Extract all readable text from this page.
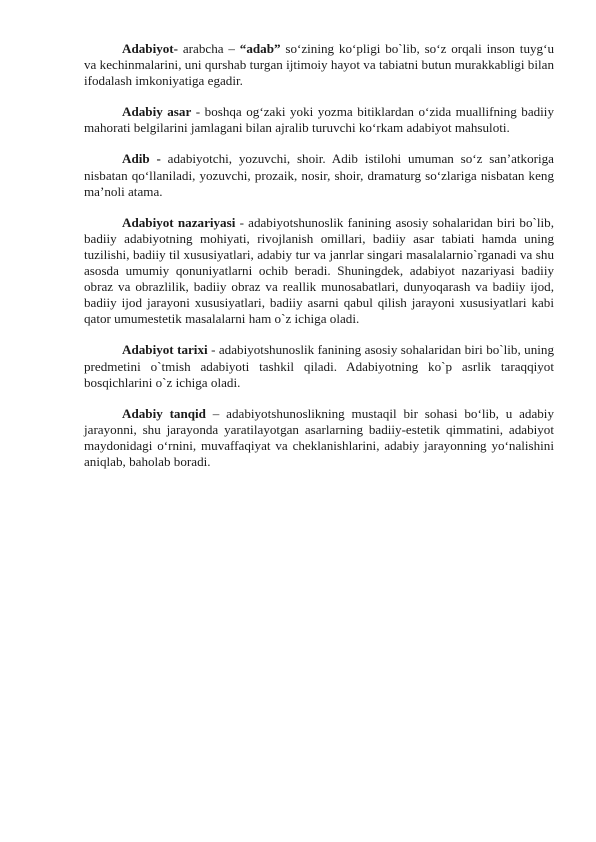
Adabiyot- arabcha – “adab” so‘zining ko‘pligi bo`lib, so‘z orqali inson tuyg‘u va kechinmalarini, uni qurshab turgan ijtimoiy hayot va tabiatni butun murakkabligi bilan ifodalash imkoniyatiga egadir.

Adabiy asar - boshqa og‘zaki yoki yozma bitiklardan o‘zida muallifning badiiy mahorati belgilarini jamlagani bilan ajralib turuvchi ko‘rkam adabiyot mahsuloti.

Adib - adabiyotchi, yozuvchi, shoir. Adib istilohi umuman so‘z san’atkoriga nisbatan qo‘llaniladi, yozuvchi, prozaik, nosir, shoir, dramaturg so‘zlariga nisbatan keng ma’noli atama.

Adabiyot nazariyasi - adabiyotshunoslik fanining asosiy sohalaridan biri bo`lib, badiiy adabiyotning mohiyati, rivojlanish omillari, badiiy asar tabiati hamda uning tuzilishi, badiiy til xususiyatlari, adabiy tur va janrlar singari masalalarnio`rganadi va shu asosda umumiy qonuniyatlarni ochib beradi. Shuningdek, adabiyot nazariyasi badiiy obraz va obrazlilik, badiiy obraz va reallik munosabatlari, dunyoqarash va badiiy ijod, badiiy ijod jarayoni xususiyatlari, badiiy asarni qabul qilish jarayoni xususiyatlari kabi qator umumestetik masalalarni ham o`z ichiga oladi.

Adabiyot tarixi - adabiyotshunoslik fanining asosiy sohalaridan biri bo`lib, uning predmetini o`tmish adabiyoti tashkil qiladi. Adabiyotning ko`p asrlik taraqqiyot bosqichlarini o`z ichiga oladi.

Adabiy tanqid – adabiyotshunoslikning mustaqil bir sohasi bo‘lib, u adabiy jarayonni, shu jarayonda yaratilayotgan asarlarning badiiy-estetik qimmatini, adabiyot maydonidagi o‘rnini, muvaffaqiyat va cheklanishlarini, adabiy jarayonning yo‘nalishini aniqlab, baholab boradi.
